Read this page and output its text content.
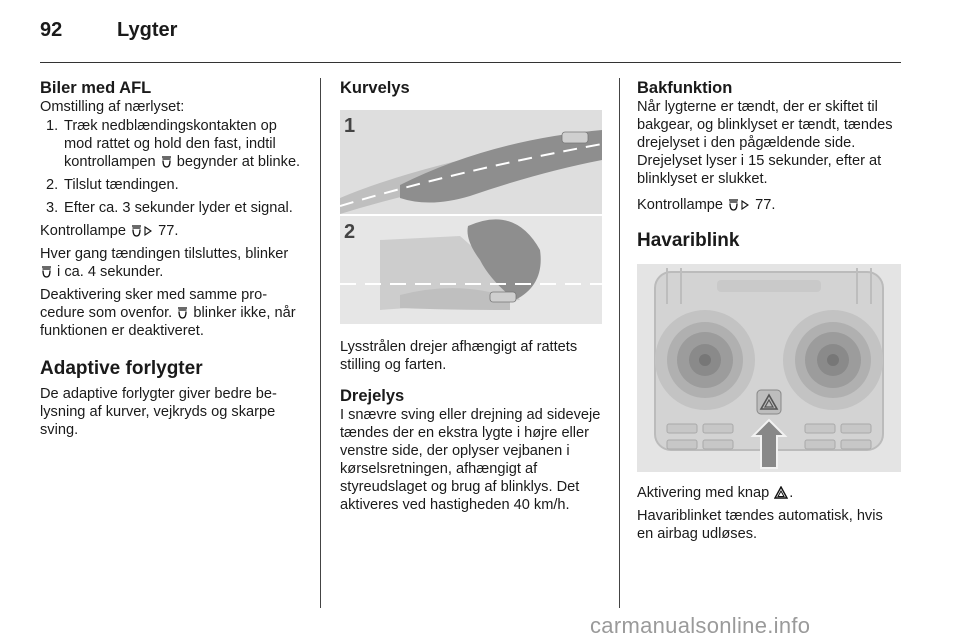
92	Lygter
Biler med AFL
Omstilling af nærlyset:
1. Træk nedblændingskontakten op mod rattet og hold den fast, indtil kontrollampen  begynder at blinke.
2. Tilslut tændingen.
3. Efter ca. 3 sekunder lyder et signal.
Kontrollampe  77.
Hver gang tændingen tilsluttes, blinker  i ca. 4 sekunder.
Deaktivering sker med samme procedure som ovenfor.  blinker ikke, når funktionen er deaktiveret.
Adaptive forlygter
De adaptive forlygter giver bedre belysning af kurver, vejkryds og skarpe sving.
Kurvelys
1
2
Lysstrålen drejer afhængigt af rattets stilling og farten.
Drejelys
I snævre sving eller drejning ad sideveje tændes der en ekstra lygte i højre eller venstre side, der oplyser vejbanen i kørselsretningen, afhængigt af styreudslaget og brug af blinklys. Det aktiveres ved hastigheden 40 km/h.
Bakfunktion
Når lygterne er tændt, der er skiftet til bakgear, og blinklyset er tændt, tændes drejelyset i den pågældende side. Drejelyset lyser i 15 sekunder, efter at blinklyset er slukket.
Kontrollampe  77.
Havariblink
Aktivering med knap .
Havariblinket tændes automatisk, hvis en airbag udløses.
carmanualsonline.info
